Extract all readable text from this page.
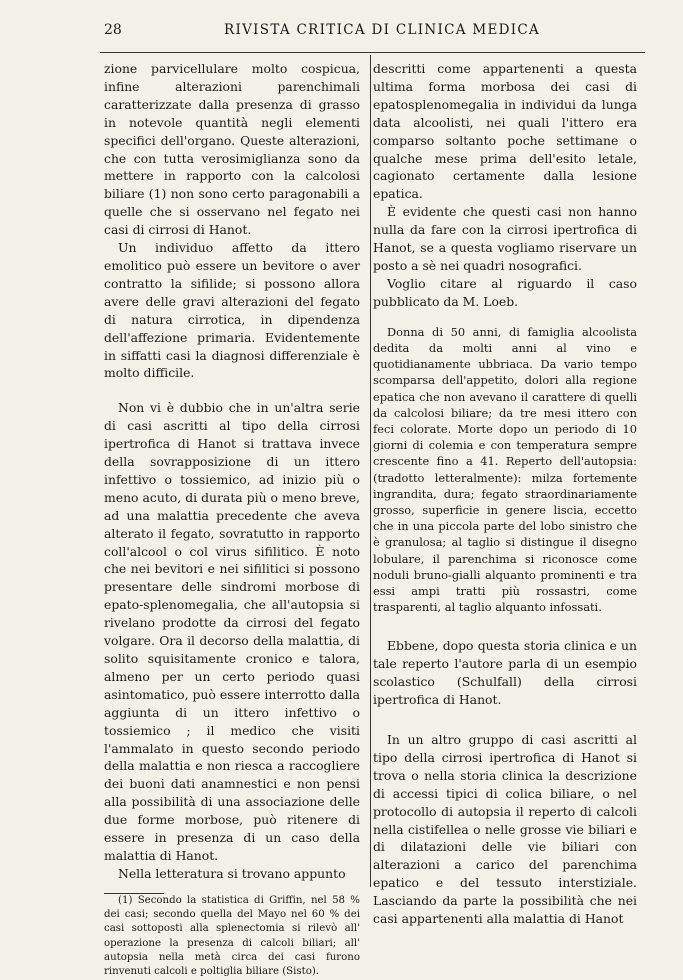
28	RIVISTA CRITICA DI CLINICA MEDICA

zione parvicellulare molto cospicua, infine alterazioni parenchimali caratterizzate dalla presenza di grasso in notevole quantità negli elementi specifici dell'organo. Queste alterazioni, che con tutta verosimiglianza sono da mettere in rapporto con la calcolosi biliare (1) non sono certo paragonabili a quelle che si osservano nel fegato nei casi di cirrosi di Hanot.

Un individuo affetto da ittero emolitico può essere un bevitore o aver contratto la sifilide; si possono allora avere delle gravi alterazioni del fegato di natura cirrotica, in dipendenza dell'affezione primaria. Evidentemente in siffatti casi la diagnosi differenziale è molto difficile.

Non vi è dubbio che in un'altra serie di casi ascritti al tipo della cirrosi ipertrofica di Hanot si trattava invece della sovrapposizione di un ittero infettivo o tossiemico, ad inizio più o meno acuto, di durata più o meno breve, ad una malattia precedente che aveva alterato il fegato, sovratutto in rapporto coll'alcool o col virus sifilitico. È noto che nei bevitori e nei sifilitici si possono presentare delle sindromi morbose di epato-splenomegalia, che all'autopsia si rivelano prodotte da cirrosi del fegato volgare. Ora il decorso della malattia, di solito squisitamente cronico e talora, almeno per un certo periodo quasi asintomatico, può essere interrotto dalla aggiunta di un ittero infettivo o tossiemico ; il medico che visiti l'ammalato in questo secondo periodo della malattia e non riesca a raccogliere dei buoni dati anamnestici e non pensi alla possibilità di una associazione delle due forme morbose, può ritenere di essere in presenza di un caso della malattia di Hanot.

Nella letteratura si trovano appunto

(1) Secondo la statistica di Griffin, nel 58 % dei casi; secondo quella del Mayo nel 60 % dei casi sottoposti alla splenectomia si rilevò all' operazione la presenza di calcoli biliari; all' autopsia nella metà circa dei casi furono rinvenuti calcoli e poltiglia biliare (Sisto).

descritti come appartenenti a questa ultima forma morbosa dei casi di epatosplenomegalia in individui da lunga data alcoolisti, nei quali l'ittero era comparso soltanto poche settimane o qualche mese prima dell'esito letale, cagionato certamente dalla lesione epatica.

È evidente che questi casi non hanno nulla da fare con la cirrosi ipertrofica di Hanot, se a questa vogliamo riservare un posto a sè nei quadri nosografici.

Voglio citare al riguardo il caso pubblicato da M. Loeb.

Donna di 50 anni, di famiglia alcoolista dedita da molti anni al vino e quotidianamente ubbriaca. Da vario tempo scomparsa dell'appetito, dolori alla regione epatica che non avevano il carattere di quelli da calcolosi biliare; da tre mesi ittero con feci colorate. Morte dopo un periodo di 10 giorni di colemia e con temperatura sempre crescente fino a 41. Reperto dell'autopsia: (tradotto letteralmente): milza fortemente ingrandita, dura; fegato straordinariamente grosso, superficie in genere liscia, eccetto che in una piccola parte del lobo sinistro che è granulosa; al taglio si distingue il disegno lobulare, il parenchima si riconosce come noduli bruno-gialli alquanto prominenti e tra essi ampi tratti più rossastri, come trasparenti, al taglio alquanto infossati.

Ebbene, dopo questa storia clinica e un tale reperto l'autore parla di un esempio scolastico (Schulfall) della cirrosi ipertrofica di Hanot.

In un altro gruppo di casi ascritti al tipo della cirrosi ipertrofica di Hanot si trova o nella storia clinica la descrizione di accessi tipici di colica biliare, o nel protocollo di autopsia il reperto di calcoli nella cistifellea o nelle grosse vie biliari e di dilatazioni delle vie biliari con alterazioni a carico del parenchima epatico e del tessuto interstiziale. Lasciando da parte la possibilità che nei casi appartenenti alla malattia di Hanot
